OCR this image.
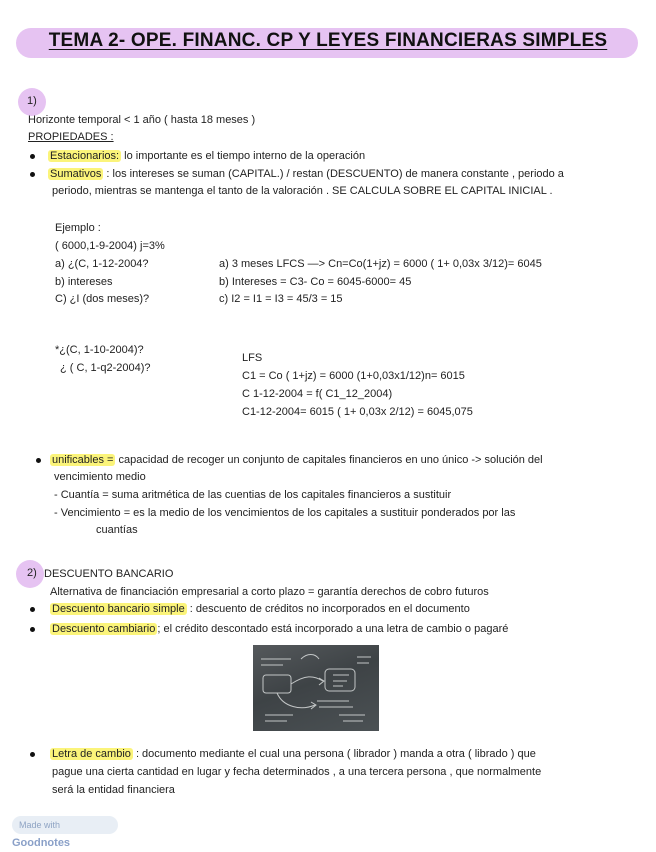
TEMA 2- OPE. FINANC. CP Y LEYES FINANCIERAS SIMPLES
1)
Horizonte temporal < 1 año ( hasta 18 meses )
PROPIEDADES :
Estacionarios: lo importante es el tiempo interno de la operación
Sumativos : los intereses se suman (CAPITAL.) / restan (DESCUENTO) de manera constante , periodo a
periodo, mientras se mantenga el tanto de la valoración . SE CALCULA SOBRE EL CAPITAL INICIAL .
Ejemplo :
( 6000,1-9-2004) j=3%
a) ¿(C, 1-12-2004?
b) intereses
C) ¿I (dos meses)?
a) 3 meses LFCS —> Cn=Co(1+jz) = 6000 ( 1+ 0,03x 3/12)= 6045
b) Intereses = C3- Co = 6045-6000= 45
c) I2 = I1 = I3 = 45/3 = 15
*¿(C, 1-10-2004)?
¿ ( C, 1-q2-2004)?
LFS
C1 = Co ( 1+jz) = 6000 (1+0,03x1/12)n= 6015
C 1-12-2004 = f( C1_12_2004)
C1-12-2004= 6015 ( 1+ 0,03x 2/12) = 6045,075
unificables = capacidad de recoger un conjunto de capitales financieros en uno único -> solución del
vencimiento medio
- Cuantía = suma aritmética de las cuentias de los capitales financieros a sustituir
- Vencimiento = es la medio de los vencimientos de los capitales a sustituir ponderados por las
cuantías
2) DESCUENTO BANCARIO
Alternativa de financiación empresarial a corto plazo = garantía derechos de cobro futuros
Descuento bancario simple : descuento de créditos no incorporados en el documento
Descuento cambiario ; el crédito descontado está incorporado a una letra de cambio o pagaré
Letra de cambio : documento mediante el cual una persona ( librador ) manda a otra ( librado ) que
pague una cierta cantidad en lugar y fecha determinados , a una tercera persona , que normalmente
será la entidad financiera
Made with Goodnotes
